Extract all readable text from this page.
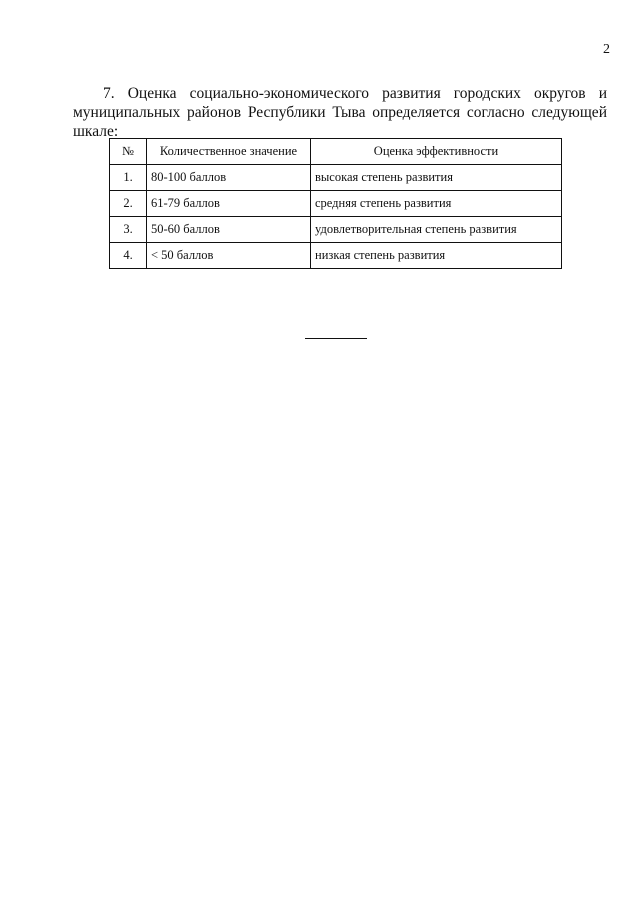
2

7. Оценка социально-экономического развития городских округов и муниципальных районов Республики Тыва определяется согласно следующей шкале:

№	Количественное значение	Оценка эффективности
1.	80-100 баллов	высокая степень развития
2.	61-79 баллов	средняя степень развития
3.	50-60 баллов	удовлетворительная степень развития
4.	< 50 баллов	низкая степень развития
